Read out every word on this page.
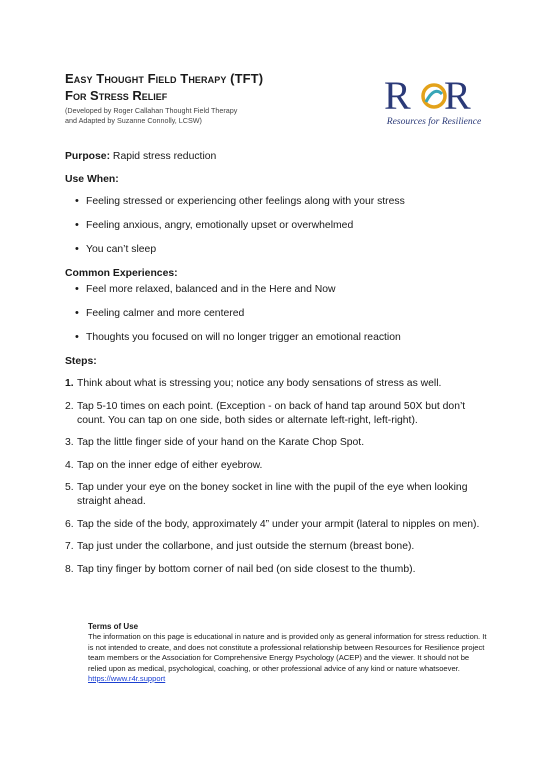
Easy Thought Field Therapy (TFT)
For Stress Relief
(Developed by Roger Callahan Thought Field Therapy
and Adapted by Suzanne Connolly, LCSW)
R R
Resources for Resilience

Purpose: Rapid stress reduction

Use When:

• Feeling stressed or experiencing other feelings along with your stress
• Feeling anxious, angry, emotionally upset or overwhelmed
• You can’t sleep

Common Experiences:

• Feel more relaxed, balanced and in the Here and Now
• Feeling calmer and more centered
• Thoughts you focused on will no longer trigger an emotional reaction

Steps:

1. Think about what is stressing you; notice any body sensations of stress as well.
2. Tap 5-10 times on each point. (Exception - on back of hand tap around 50X but don’t count. You can tap on one side, both sides or alternate left-right, left-right).
3. Tap the little finger side of your hand on the Karate Chop Spot.
4. Tap on the inner edge of either eyebrow.
5. Tap under your eye on the boney socket in line with the pupil of the eye when looking straight ahead.
6. Tap the side of the body, approximately 4” under your armpit (lateral to nipples on men).
7. Tap just under the collarbone, and just outside the sternum (breast bone).
8. Tap tiny finger by bottom corner of nail bed (on side closest to the thumb).
Terms of Use
The information on this page is educational in nature and is provided only as general information for stress reduction. It is not intended to create, and does not constitute a professional relationship between Resources for Resilience project team members or the Association for Comprehensive Energy Psychology (ACEP) and the viewer. It should not be relied upon as medical, psychological, coaching, or other professional advice of any kind or nature whatsoever. https://www.r4r.support
